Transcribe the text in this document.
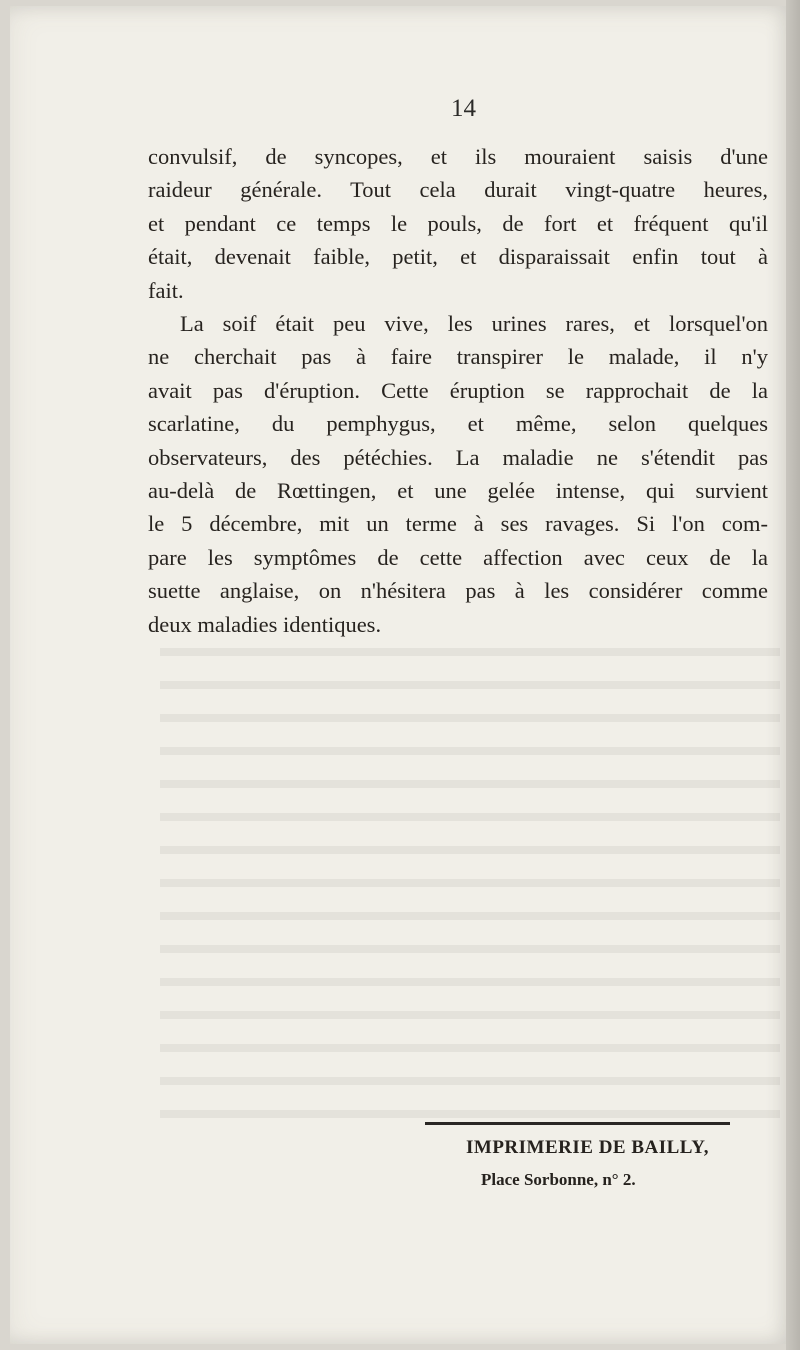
14
convulsif, de syncopes, et ils mouraient saisis d'une
raideur générale. Tout cela durait vingt-quatre heures,
et pendant ce temps le pouls, de fort et fréquent qu'il
était, devenait faible, petit, et disparaissait enfin tout à
fait.
La soif était peu vive, les urines rares, et lorsquel'on
ne cherchait pas à faire transpirer le malade, il n'y
avait pas d'éruption. Cette éruption se rapprochait de la
scarlatine, du pemphygus, et même, selon quelques
observateurs, des pétéchies. La maladie ne s'étendit pas
au-delà de Rœttingen, et une gelée intense, qui survient
le 5 décembre, mit un terme à ses ravages. Si l'on com-
pare les symptômes de cette affection avec ceux de la
suette anglaise, on n'hésitera pas à les considérer comme
deux maladies identiques.
IMPRIMERIE DE BAILLY,
Place Sorbonne, n° 2.
